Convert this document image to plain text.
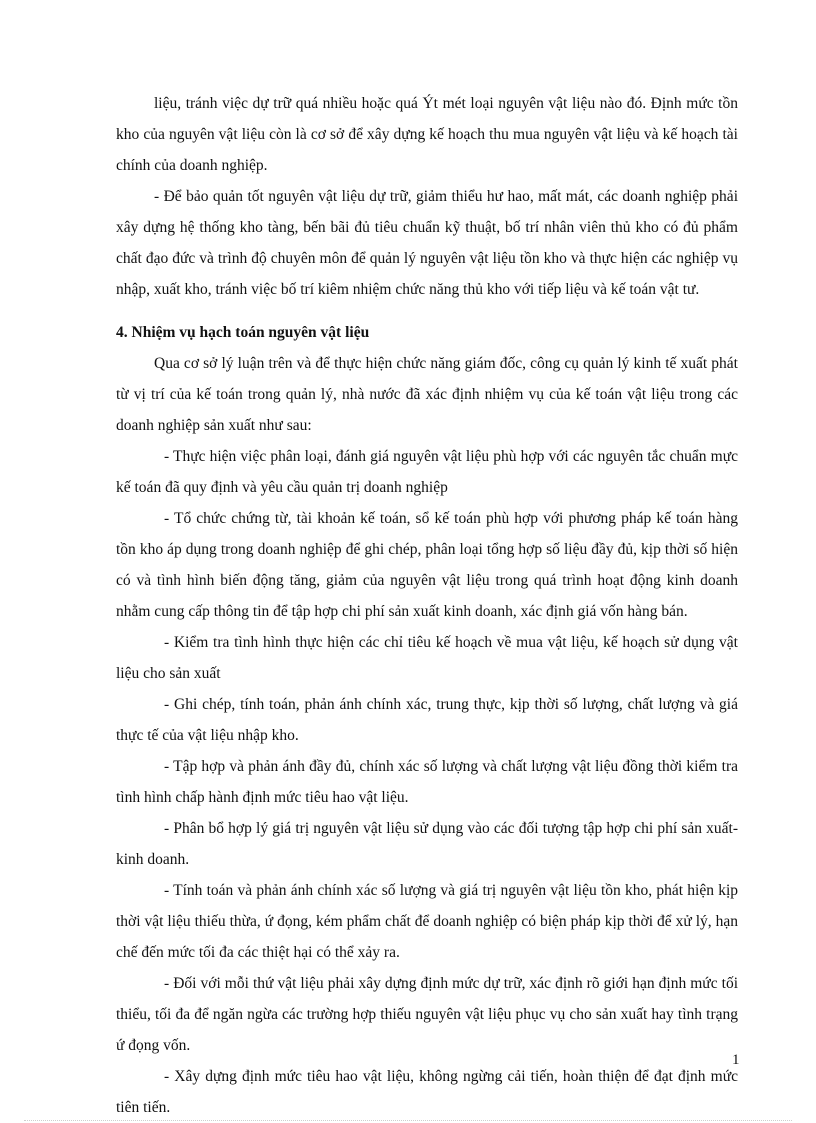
liệu, tránh việc dự trữ quá nhiều hoặc quá Ýt mét loại nguyên vật liệu nào đó. Định mức tồn kho của nguyên vật liệu còn là cơ sở để xây dựng kế hoạch thu mua nguyên vật liệu và kế hoạch tài chính của doanh nghiệp.

- Để bảo quản tốt nguyên vật liệu dự trữ, giảm thiểu hư hao, mất mát, các doanh nghiệp phải xây dựng hệ thống kho tàng, bến bãi đủ tiêu chuẩn kỹ thuật, bố trí nhân viên thủ kho có đủ phẩm chất đạo đức và trình độ chuyên môn để quản lý nguyên vật liệu tồn kho và thực hiện các nghiệp vụ nhập, xuất kho, tránh việc bố trí kiêm nhiệm chức năng thủ kho với tiếp liệu và kế toán vật tư.

4. Nhiệm vụ hạch toán nguyên vật liệu

Qua cơ sở lý luận trên và để thực hiện chức năng giám đốc, công cụ quản lý kinh tế xuất phát từ vị trí của kế toán trong quản lý, nhà nước đã xác định nhiệm vụ của kế toán vật liệu trong các doanh nghiệp sản xuất như sau:

- Thực hiện việc phân loại, đánh giá nguyên vật liệu phù hợp với các nguyên tắc chuẩn mực kế toán đã quy định và yêu cầu quản trị doanh nghiệp

- Tổ chức chứng từ, tài khoản kế toán, sổ kế toán phù hợp với phương pháp kế toán hàng tồn kho áp dụng trong doanh nghiệp để ghi chép, phân loại tổng hợp số liệu đầy đủ, kịp thời số hiện có và tình hình biến động tăng, giảm của nguyên vật liệu trong quá trình hoạt động kinh doanh nhằm cung cấp thông tin để tập hợp chi phí sản xuất kinh doanh, xác định giá vốn hàng bán.

- Kiểm tra tình hình thực hiện các chỉ tiêu kế hoạch về mua vật liệu, kế hoạch sử dụng vật liệu cho sản xuất

- Ghi chép, tính toán, phản ánh chính xác, trung thực, kịp thời số lượng, chất lượng và giá thực tế của vật liệu nhập kho.

- Tập hợp và phản ánh đầy đủ, chính xác số lượng và chất lượng vật liệu đồng thời kiểm tra tình hình chấp hành định mức tiêu hao vật liệu.

- Phân bổ hợp lý giá trị nguyên vật liệu sử dụng vào các đối tượng tập hợp chi phí sản xuất- kinh doanh.

- Tính toán và phản ánh chính xác số lượng và giá trị nguyên vật liệu tồn kho, phát hiện kịp thời vật liệu thiếu thừa, ứ đọng, kém phẩm chất để doanh nghiệp có biện pháp kịp thời để xử lý, hạn chế đến mức tối đa các thiệt hại có thể xảy ra.

- Đối với mỗi thứ vật liệu phải xây dựng định mức dự trữ, xác định rõ giới hạn định mức tối thiểu, tối đa để ngăn ngừa các trường hợp thiếu nguyên vật liệu phục vụ cho sản xuất hay tình trạng ứ đọng vốn.

- Xây dựng định mức tiêu hao vật liệu, không ngừng cải tiến, hoàn thiện để đạt định mức tiên tiến.

1
